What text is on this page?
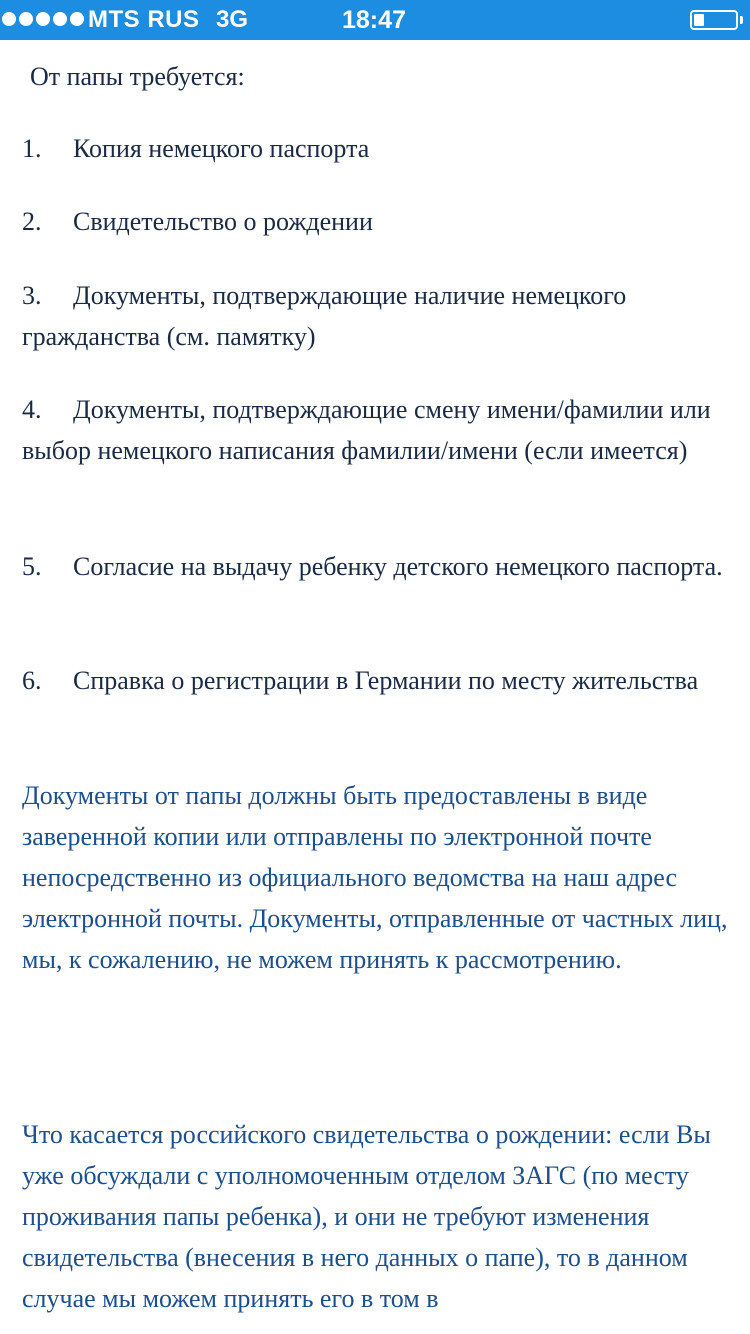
MTS RUS 3G	18:47

От папы требуется:

1. Копия немецкого паспорта

2. Свидетельство о рождении

3. Документы, подтверждающие наличие немецкого гражданства (см. памятку)

4. Документы, подтверждающие смену имени/фамилии или выбор немецкого написания фамилии/имени (если имеется)

5. Согласие на выдачу ребенку детского немецкого паспорта.

6. Справка о регистрации в Германии по месту жительства

Документы от папы должны быть предоставлены в виде заверенной копии или отправлены по электронной почте непосредственно из официального ведомства на наш адрес электронной почты. Документы, отправленные от частных лиц, мы, к сожалению, не можем принять к рассмотрению.

Что касается российского свидетельства о рождении: если Вы уже обсуждали с уполномоченным отделом ЗАГС (по месту проживания папы ребенка), и они не требуют изменения свидетельства (внесения в него данных о папе), то в данном случае мы можем принять его в том в
